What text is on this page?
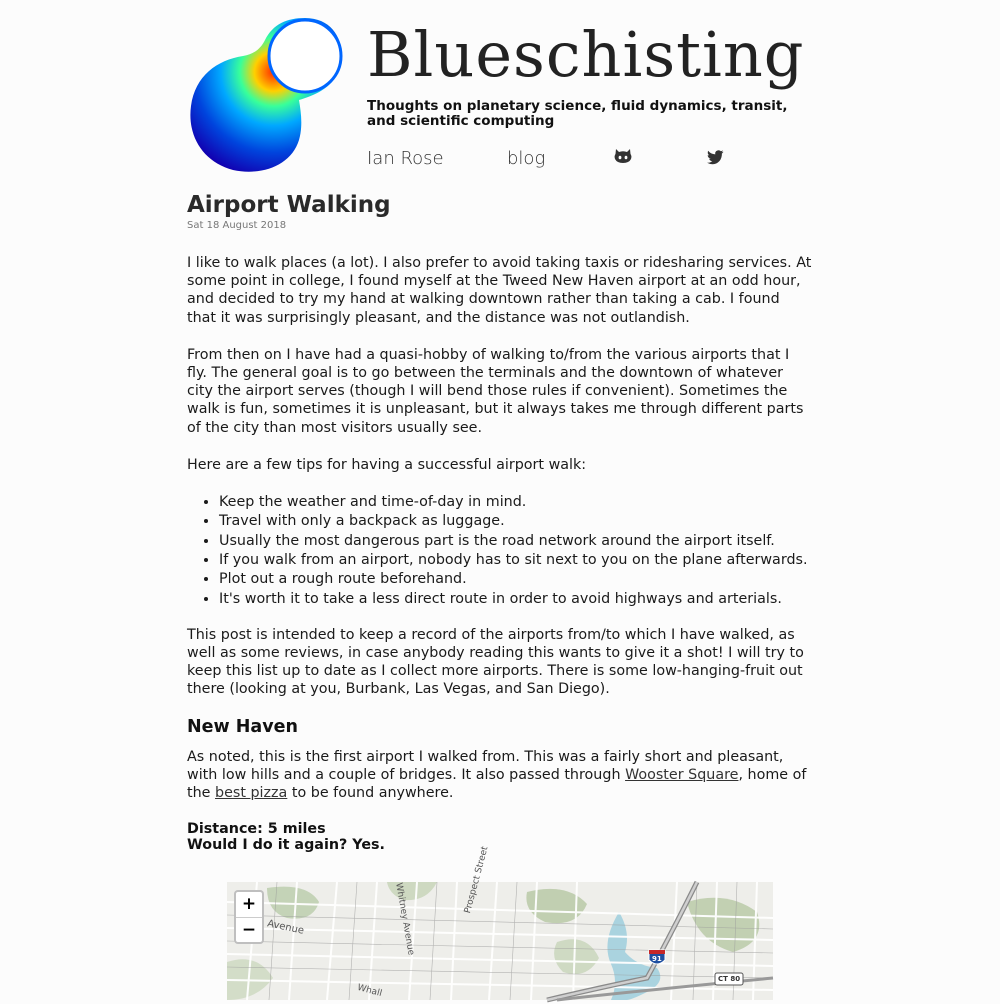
Blueschisting
Thoughts on planetary science, fluid dynamics, transit, and scientific computing
Ian Rose	blog
Airport Walking
Sat 18 August 2018

I like to walk places (a lot). I also prefer to avoid taking taxis or ridesharing services. At some point in college, I found myself at the Tweed New Haven airport at an odd hour, and decided to try my hand at walking downtown rather than taking a cab. I found that it was surprisingly pleasant, and the distance was not outlandish.

From then on I have had a quasi-hobby of walking to/from the various airports that I fly. The general goal is to go between the terminals and the downtown of whatever city the airport serves (though I will bend those rules if convenient). Sometimes the walk is fun, sometimes it is unpleasant, but it always takes me through different parts of the city than most visitors usually see.

Here are a few tips for having a successful airport walk:

• Keep the weather and time-of-day in mind.
• Travel with only a backpack as luggage.
• Usually the most dangerous part is the road network around the airport itself.
• If you walk from an airport, nobody has to sit next to you on the plane afterwards.
• Plot out a rough route beforehand.
• It's worth it to take a less direct route in order to avoid highways and arterials.

This post is intended to keep a record of the airports from/to which I have walked, as well as some reviews, in case anybody reading this wants to give it a shot! I will try to keep this list up to date as I collect more airports. There is some low-hanging-fruit out there (looking at you, Burbank, Las Vegas, and San Diego).

New Haven

As noted, this is the first airport I walked from. This was a fairly short and pleasant, with low hills and a couple of bridges. It also passed through Wooster Square, home of the best pizza to be found anywhere.

Distance: 5 miles
Would I do it again? Yes.
91
CT 80
Avenue
Prospect Street
Whitney Avenue
Whall
+
−
